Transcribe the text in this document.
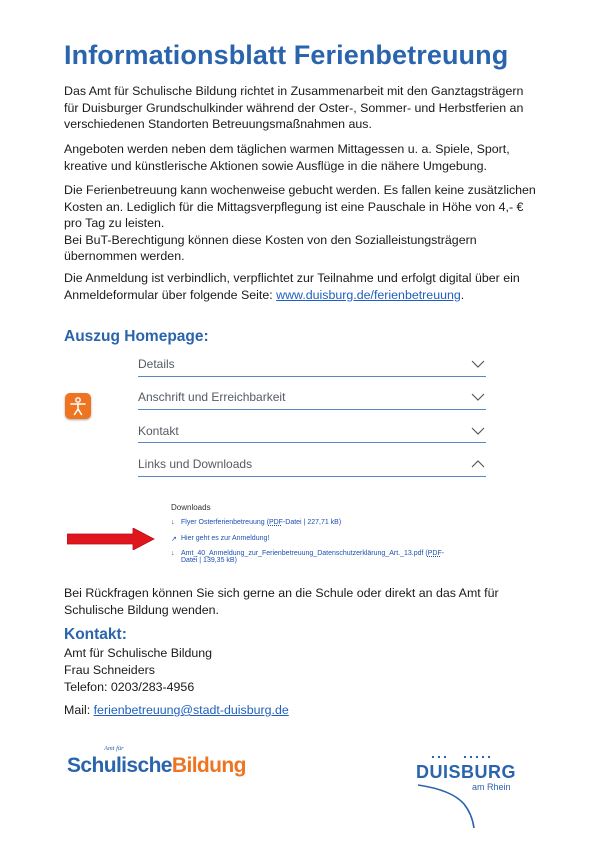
Informationsblatt Ferienbetreuung

Das Amt für Schulische Bildung richtet in Zusammenarbeit mit den Ganztagsträgern
für Duisburger Grundschulkinder während der Oster-, Sommer- und Herbstferien an
verschiedenen Standorten Betreuungsmaßnahmen aus.

Angeboten werden neben dem täglichen warmen Mittagessen u. a. Spiele, Sport,
kreative und künstlerische Aktionen sowie Ausflüge in die nähere Umgebung.

Die Ferienbetreuung kann wochenweise gebucht werden. Es fallen keine zusätzlichen
Kosten an. Lediglich für die Mittagsverpflegung ist eine Pauschale in Höhe von 4,- €
pro Tag zu leisten.
Bei BuT-Berechtigung können diese Kosten von den Sozialleistungsträgern
übernommen werden.

Die Anmeldung ist verbindlich, verpflichtet zur Teilnahme und erfolgt digital über ein
Anmeldeformular über folgende Seite: www.duisburg.de/ferienbetreuung.

Auszug Homepage:
Details
Anschrift und Erreichbarkeit
Kontakt
Links und Downloads
Downloads
↓ Flyer Osterferienbetreuung (PDF-Datei | 227,71 kB)
↗ Hier geht es zur Anmeldung!
↓ Amt_40_Anmeldung_zur_Ferienbetreuung_Datenschutzerklärung_Art._13.pdf (PDF-
Datei | 139,35 kB)

Bei Rückfragen können Sie sich gerne an die Schule oder direkt an das Amt für
Schulische Bildung wenden.

Kontakt:

Amt für Schulische Bildung

Frau Schneiders

Telefon: 0203/283-4956

Mail: ferienbetreuung@stadt-duisburg.de

Amt für
SchulischeBildung	DUISBURG
am Rhein
